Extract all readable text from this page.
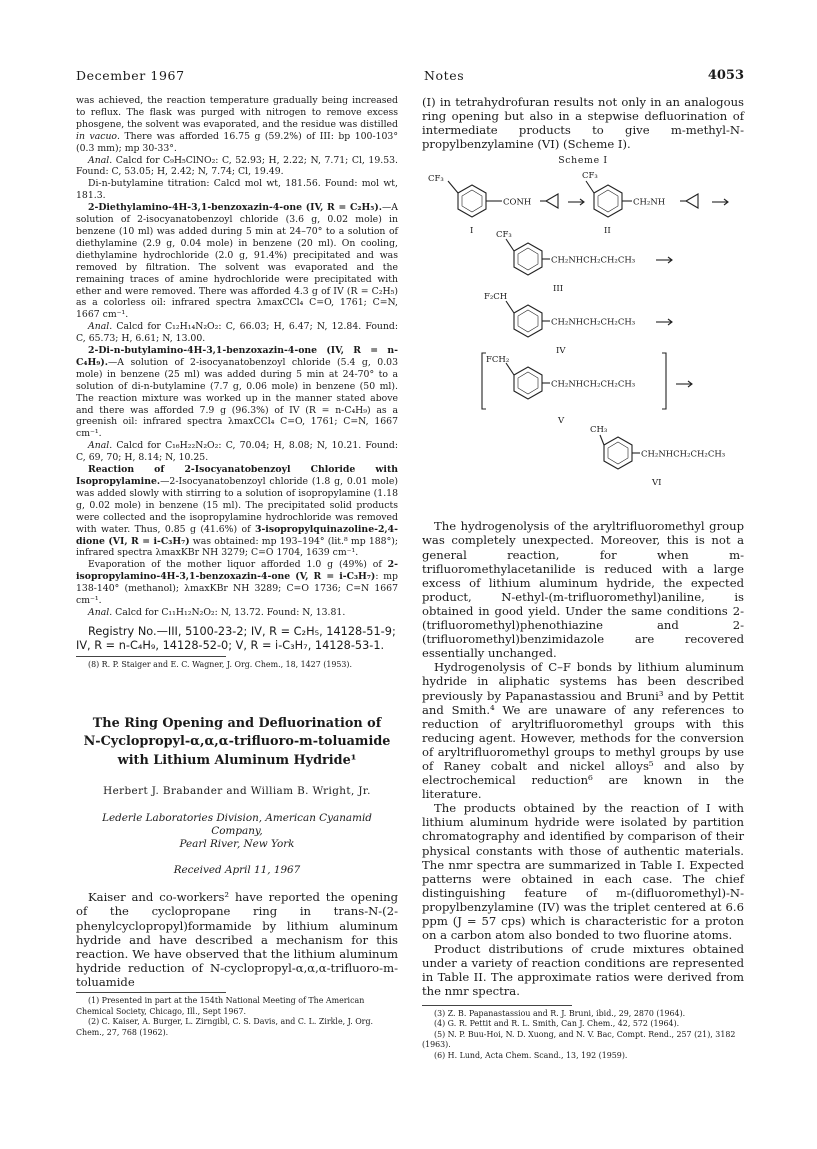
December 1967	Notes	4053

was achieved, the reaction temperature gradually being increased to reflux. The flask was purged with nitrogen to remove excess phosgene, the solvent was evaporated, and the residue was distilled in vacuo. There was afforded 16.75 g (59.2%) of III: bp 100-103° (0.3 mm); mp 30-33°.

Anal. Calcd for C₉H₅ClNO₂: C, 52.93; H, 2.22; N, 7.71; Cl, 19.53. Found: C, 53.05; H, 2.42; N, 7.74; Cl, 19.49.

Di-n-butylamine titration: Calcd mol wt, 181.56. Found: mol wt, 181.3.

2-Diethylamino-4H-3,1-benzoxazin-4-one (IV, R = C₂H₅).—A solution of 2-isocyanatobenzoyl chloride (3.6 g, 0.02 mole) in benzene (10 ml) was added during 5 min at 24–70° to a solution of diethylamine (2.9 g, 0.04 mole) in benzene (20 ml). On cooling, diethylamine hydrochloride (2.0 g, 91.4%) precipitated and was removed by filtration. The solvent was evaporated and the remaining traces of amine hydrochloride were precipitated with ether and were removed. There was afforded 4.3 g of IV (R = C₂H₅) as a colorless oil: infrared spectra λmaxCCl₄ C=O, 1761; C=N, 1667 cm⁻¹.

Anal. Calcd for C₁₂H₁₄N₂O₂: C, 66.03; H, 6.47; N, 12.84. Found: C, 65.73; H, 6.61; N, 13.00.

2-Di-n-butylamino-4H-3,1-benzoxazin-4-one (IV, R = n-C₄H₉).—A solution of 2-isocyanatobenzoyl chloride (5.4 g, 0.03 mole) in benzene (25 ml) was added during 5 min at 24-70° to a solution of di-n-butylamine (7.7 g, 0.06 mole) in benzene (50 ml). The reaction mixture was worked up in the manner stated above and there was afforded 7.9 g (96.3%) of IV (R = n-C₄H₉) as a greenish oil: infrared spectra λmaxCCl₄ C=O, 1761; C=N, 1667 cm⁻¹.

Anal. Calcd for C₁₆H₂₂N₂O₂: C, 70.04; H, 8.08; N, 10.21. Found: C, 69, 70; H, 8.14; N, 10.25.

Reaction of 2-Isocyanatobenzoyl Chloride with Isopropylamine.—2-Isocyanatobenzoyl chloride (1.8 g, 0.01 mole) was added slowly with stirring to a solution of isopropylamine (1.18 g, 0.02 mole) in benzene (15 ml). The precipitated solid products were collected and the isopropylamine hydrochloride was removed with water. Thus, 0.85 g (41.6%) of 3-isopropylquinazoline-2,4-dione (VI, R = i-C₃H₇) was obtained: mp 193–194° (lit.⁸ mp 188°); infrared spectra λmaxKBr NH 3279; C=O 1704, 1639 cm⁻¹.

Evaporation of the mother liquor afforded 1.0 g (49%) of 2-isopropylamino-4H-3,1-benzoxazin-4-one (V, R = i-C₃H₇): mp 138-140° (methanol); λmaxKBr NH 3289; C=O 1736; C=N 1667 cm⁻¹.

Anal. Calcd for C₁₁H₁₂N₂O₂: N, 13.72. Found: N, 13.81.

Registry No.—III, 5100-23-2; IV, R = C₂H₅, 14128-51-9; IV, R = n-C₄H₉, 14128-52-0; V, R = i-C₃H₇, 14128-53-1.

(8) R. P. Staiger and E. C. Wagner, J. Org. Chem., 18, 1427 (1953).

The Ring Opening and Defluorination of
N-Cyclopropyl-α,α,α-trifluoro-m-toluamide
with Lithium Aluminum Hydride¹

Herbert J. Brabander and William B. Wright, Jr.

Lederle Laboratories Division, American Cyanamid Company,
Pearl River, New York

Received April 11, 1967

Kaiser and co-workers² have reported the opening of the cyclopropane ring in trans-N-(2-phenylcyclopropyl)formamide by lithium aluminum hydride and have described a mechanism for this reaction. We have observed that the lithium aluminum hydride reduction of N-cyclopropyl-α,α,α-trifluoro-m-toluamide

(1) Presented in part at the 154th National Meeting of The American Chemical Society, Chicago, Ill., Sept 1967.

(2) C. Kaiser, A. Burger, L. Zirngibl, C. S. Davis, and C. L. Zirkle, J. Org. Chem., 27, 768 (1962).

(I) in tetrahydrofuran results not only in an analogous ring opening but also in a stepwise defluorination of intermediate products to give m-methyl-N-propylbenzylamine (VI) (Scheme I).

Scheme I

CF₃
CONH
I
CF₃
CH₂NH
II
CF₃
CH₂NHCH₂CH₂CH₃
III
F₂CH
CH₂NHCH₂CH₂CH₃
IV
FCH₂
CH₂NHCH₂CH₂CH₃
V
CH₃
CH₂NHCH₂CH₂CH₃
VI

The hydrogenolysis of the aryltrifluoromethyl group was completely unexpected. Moreover, this is not a general reaction, for when m-trifluoromethylacetanilide is reduced with a large excess of lithium aluminum hydride, the expected product, N-ethyl-(m-trifluoromethyl)aniline, is obtained in good yield. Under the same conditions 2-(trifluoromethyl)phenothiazine and 2-(trifluoromethyl)benzimidazole are recovered essentially unchanged.

Hydrogenolysis of C–F bonds by lithium aluminum hydride in aliphatic systems has been described previously by Papanastassiou and Bruni³ and by Pettit and Smith.⁴ We are unaware of any references to reduction of aryltrifluoromethyl groups with this reducing agent. However, methods for the conversion of aryltrifluoromethyl groups to methyl groups by use of Raney cobalt and nickel alloys⁵ and also by electrochemical reduction⁶ are known in the literature.

The products obtained by the reaction of I with lithium aluminum hydride were isolated by partition chromatography and identified by comparison of their physical constants with those of authentic materials. The nmr spectra are summarized in Table I. Expected patterns were obtained in each case. The chief distinguishing feature of m-(difluoromethyl)-N-propylbenzylamine (IV) was the triplet centered at 6.6 ppm (J = 57 cps) which is characteristic for a proton on a carbon atom also bonded to two fluorine atoms.

Product distributions of crude mixtures obtained under a variety of reaction conditions are represented in Table II. The approximate ratios were derived from the nmr spectra.

(3) Z. B. Papanastassiou and R. J. Bruni, ibid., 29, 2870 (1964).

(4) G. R. Pettit and R. L. Smith, Can J. Chem., 42, 572 (1964).

(5) N. P. Buu-Hoi, N. D. Xuong, and N. V. Bac, Compt. Rend., 257 (21), 3182 (1963).

(6) H. Lund, Acta Chem. Scand., 13, 192 (1959).
